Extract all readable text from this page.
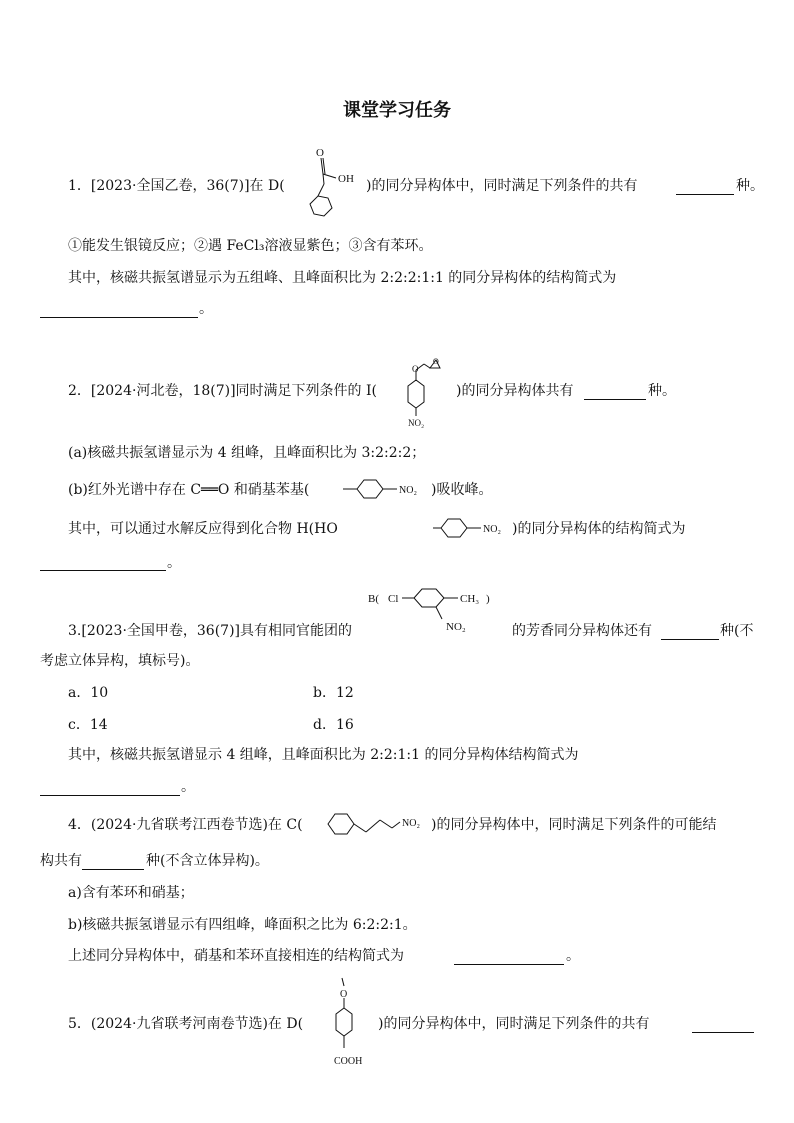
课堂学习任务
1．[2023·全国乙卷，36(7)]在 D(
O
OH )的同分异构体中，同时满足下列条件的共有	种。
①能发生银镜反应；②遇 FeCl₃溶液显紫色；③含有苯环。
其中，核磁共振氢谱显示为五组峰、且峰面积比为 2:2:2:1:1 的同分异构体的结构简式为
。
2．[2024·河北卷，18(7)]同时满足下列条件的 I(
O
O
NO₂
)的同分异构体共有	种。
(a)核磁共振氢谱显示为 4 组峰，且峰面积比为 3:2:2:2；
(b)红外光谱中存在 C══O 和硝基苯基(	NO₂ )吸收峰。
其中，可以通过水解反应得到化合物 H(HO	NO₂ )的同分异构体的结构简式为
。
B( Cl	CH₃ )
NO₂
3.[2023·全国甲卷，36(7)]具有相同官能团的	的芳香同分异构体还有	种(不
考虑立体异构，填标号)。
a．10	b．12
c．14	d．16
其中，核磁共振氢谱显示 4 组峰，且峰面积比为 2:2:1:1 的同分异构体结构简式为
。
4．(2024·九省联考江西卷节选)在 C(	NO₂ )的同分异构体中，同时满足下列条件的可能结
构共有	种(不含立体异构)。
a)含有苯环和硝基；
b)核磁共振氢谱显示有四组峰，峰面积之比为 6:2:2:1。
上述同分异构体中，硝基和苯环直接相连的结构简式为	。
5．(2024·九省联考河南卷节选)在 D(
O
COOH
)的同分异构体中，同时满足下列条件的共有
